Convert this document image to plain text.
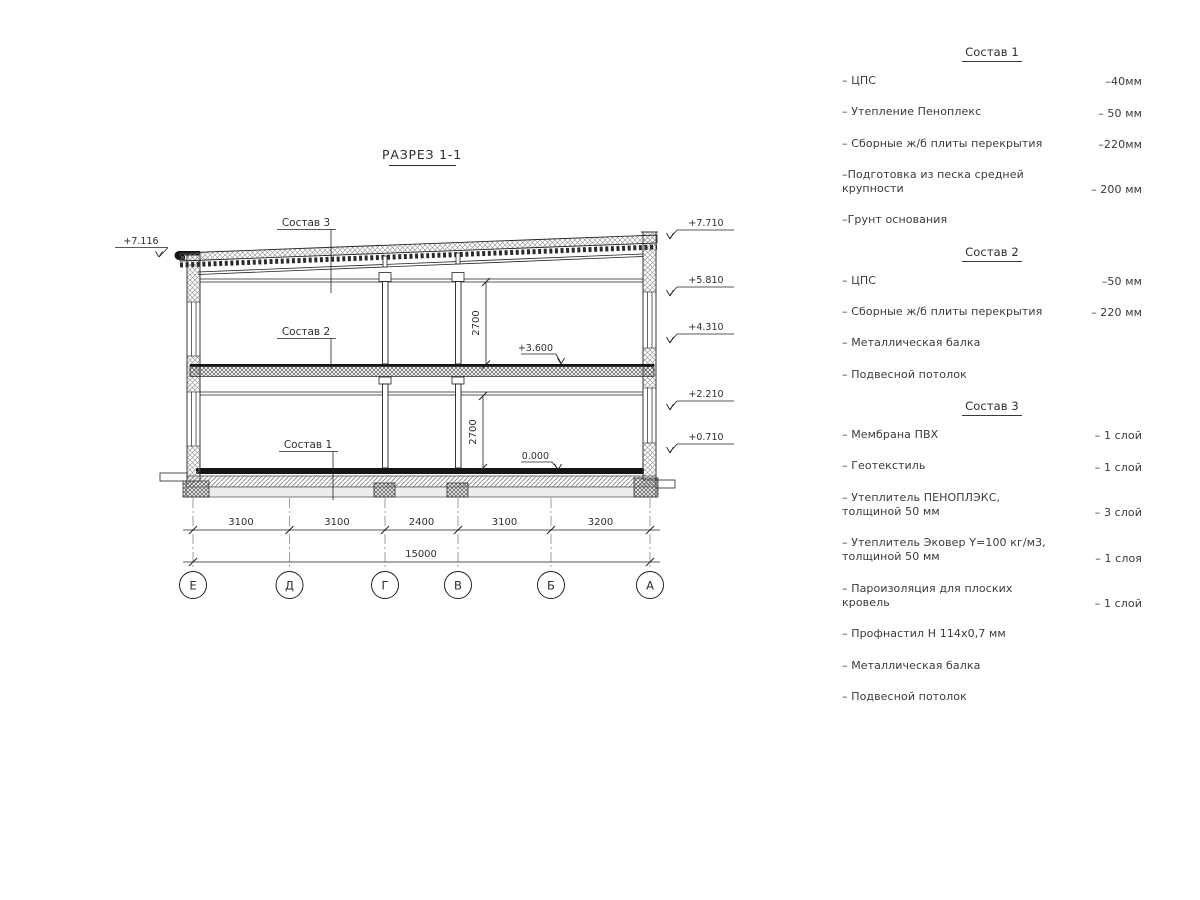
РАЗРЕЗ 1-1
Состав 3
Состав 2
Состав 1
+3.600
0.000
+7.116
+7.710
+5.810
+4.310
+2.210
+0.710
2700
2700
3100	3100	2400	3100	3200
15000
Е	Д	Г	В	Б	А
Состав 1
– ЦПС	–40мм
– Утепление Пеноплекс	– 50 мм
– Сборные ж/б плиты перекрытия	–220мм
–Подготовка из песка средней
крупности	– 200 мм
–Грунт основания
Состав 2
– ЦПС	–50 мм
– Сборные ж/б плиты перекрытия	– 220 мм
– Металлическая балка
– Подвесной потолок
Состав 3
– Мембрана ПВХ	– 1 слой
– Геотекстиль	– 1 слой
– Утеплитель ПЕНОПЛЭКС,
толщиной 50 мм	– 3 слой
– Утеплитель Эковер Y=100 кг/м3,
толщиной 50 мм	– 1 слоя
– Пароизоляция для плоских кровель	– 1 слой
– Профнастил Н 114х0,7 мм
– Металлическая балка
– Подвесной потолок
